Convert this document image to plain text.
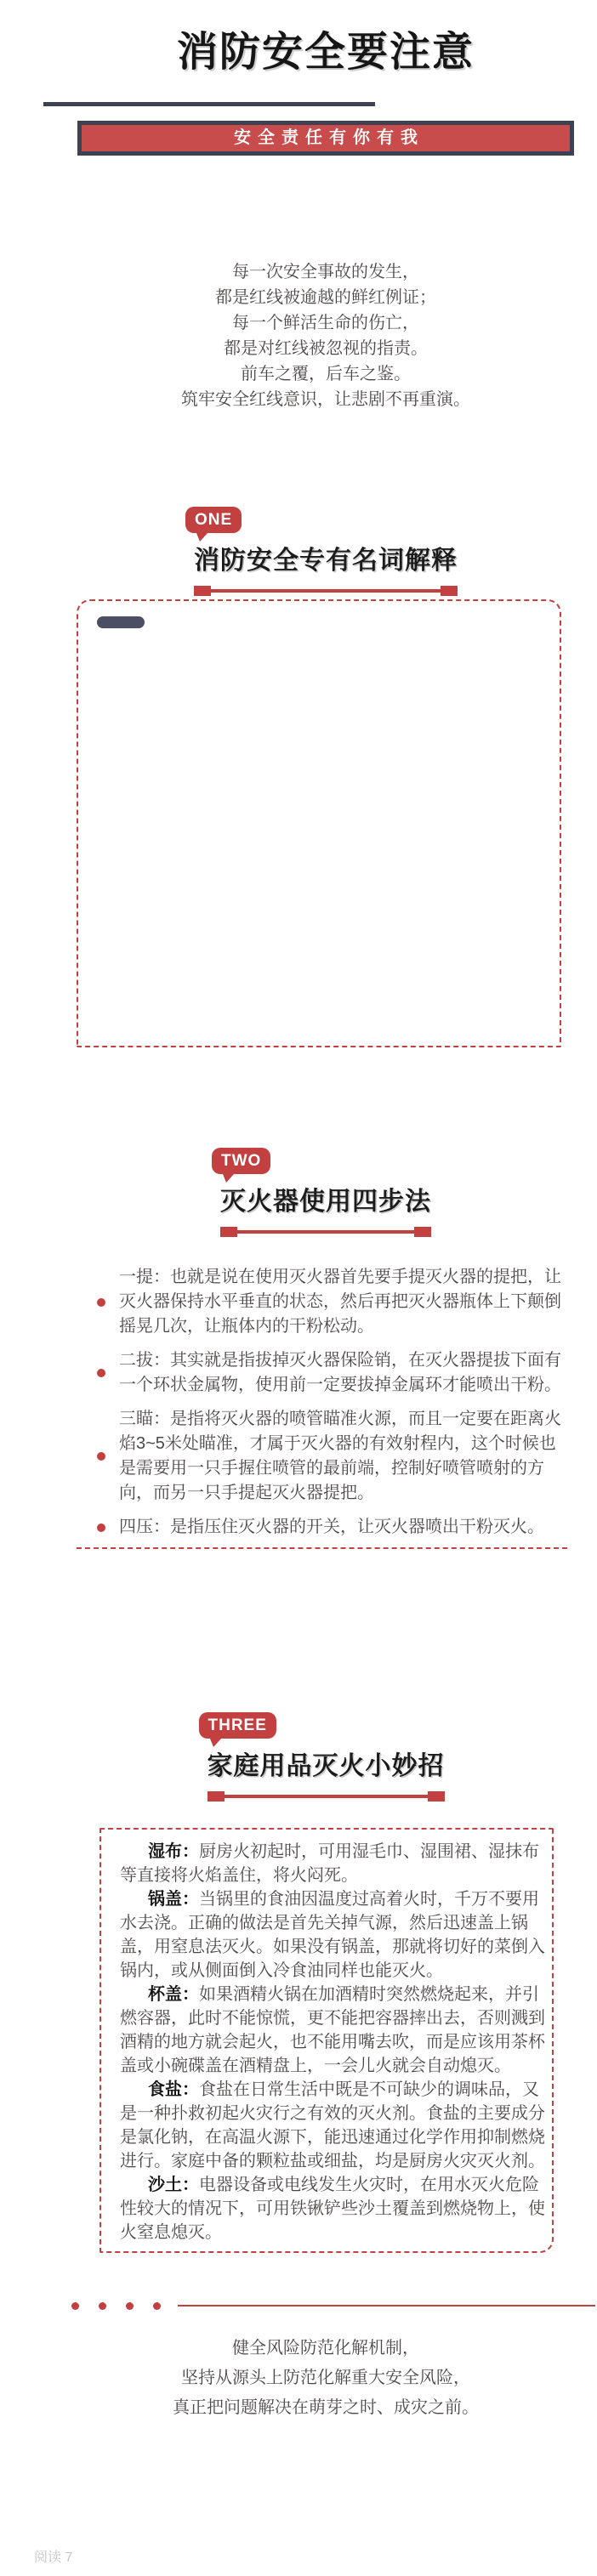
消防安全要注意
安全责任有你有我

每一次安全事故的发生，

都是红线被逾越的鲜红例证；

每一个鲜活生命的伤亡，

都是对红线被忽视的指责。

前车之覆，后车之鉴。

筑牢安全红线意识，让悲剧不再重演。

ONE
消防安全专有名词解释

TWO
灭火器使用四步法

一提：也就是说在使用灭火器首先要手提灭火器的提把，让灭火器保持水平垂直的状态，然后再把灭火器瓶体上下颠倒摇晃几次，让瓶体内的干粉松动。

二拔：其实就是指拔掉灭火器保险销，在灭火器提拔下面有一个环状金属物，使用前一定要拔掉金属环才能喷出干粉。

三瞄：是指将灭火器的喷管瞄准火源，而且一定要在距离火焰3~5米处瞄准，才属于灭火器的有效射程内，这个时候也是需要用一只手握住喷管的最前端，控制好喷管喷射的方向，而另一只手提起灭火器提把。

四压：是指压住灭火器的开关，让灭火器喷出干粉灭火。

THREE
家庭用品灭火小妙招

湿布：厨房火初起时，可用湿毛巾、湿围裙、湿抹布等直接将火焰盖住，将火闷死。

锅盖：当锅里的食油因温度过高着火时，千万不要用水去浇。正确的做法是首先关掉气源，然后迅速盖上锅盖，用窒息法灭火。如果没有锅盖，那就将切好的菜倒入锅内，或从侧面倒入冷食油同样也能灭火。

杯盖：如果酒精火锅在加酒精时突然燃烧起来，并引燃容器，此时不能惊慌，更不能把容器摔出去，否则溅到酒精的地方就会起火，也不能用嘴去吹，而是应该用茶杯盖或小碗碟盖在酒精盘上，一会儿火就会自动熄灭。

食盐：食盐在日常生活中既是不可缺少的调味品，又是一种扑救初起火灾行之有效的灭火剂。食盐的主要成分是氯化钠，在高温火源下，能迅速通过化学作用抑制燃烧进行。家庭中备的颗粒盐或细盐，均是厨房火灾灭火剂。

沙土：电器设备或电线发生火灾时，在用水灭火危险性较大的情况下，可用铁锹铲些沙土覆盖到燃烧物上，使火窒息熄灭。

健全风险防范化解机制，

坚持从源头上防范化解重大安全风险，

真正把问题解决在萌芽之时、成灾之前。

阅读 7
